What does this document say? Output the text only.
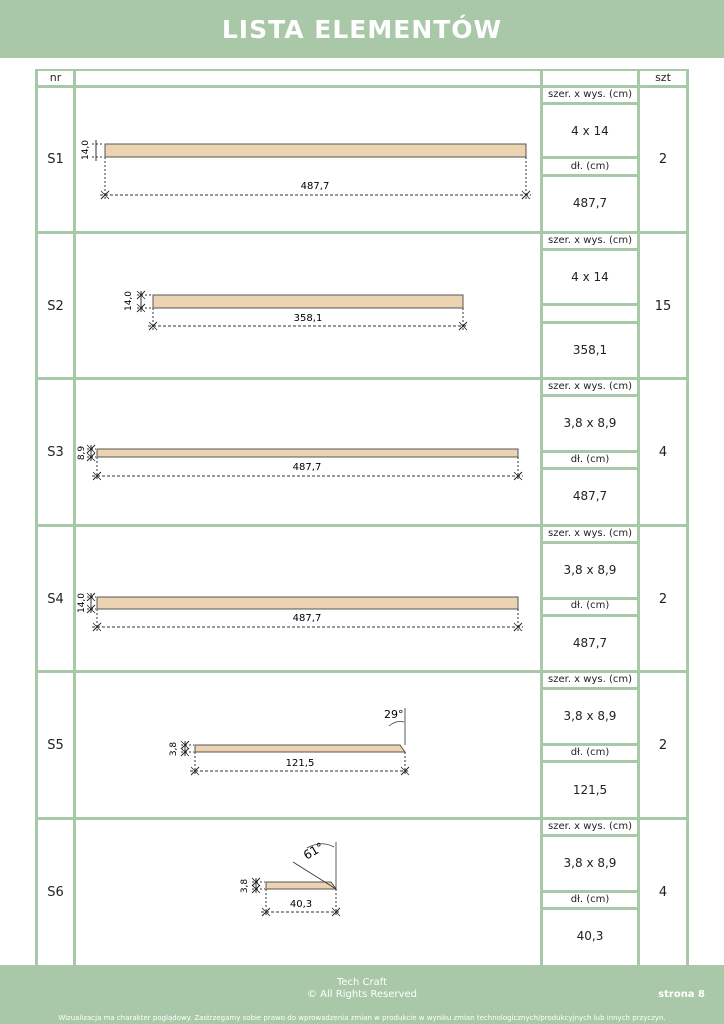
LISTA ELEMENTÓW
nr	szt
S1
szer. x wys. (cm)
4 x 14
dł. (cm)
487,7
2
S2
szer. x wys. (cm)
4 x 14
358,1
15
S3
szer. x wys. (cm)
3,8 x 8,9
dł. (cm)
487,7
4
S4
szer. x wys. (cm)
3,8 x 8,9
dł. (cm)
487,7
2
S5
szer. x wys. (cm)
3,8 x 8,9
dł. (cm)
121,5
2
S6
szer. x wys. (cm)
3,8 x 8,9
dł. (cm)
40,3
4
14,0
487,7
14,0
358,1
8,9
487,7
14,0
487,7
3,8
121,5
29°
3,8
40,3
61°
Tech Craft
© All Rights Reserved	strona 8
Wizualizacja ma charakter poglądowy. Zastrzegamy sobie prawo do wprowadzenia zmian w produkcie w wyniku zmian technologicznych/produkcyjnych lub innych przyczyn.
